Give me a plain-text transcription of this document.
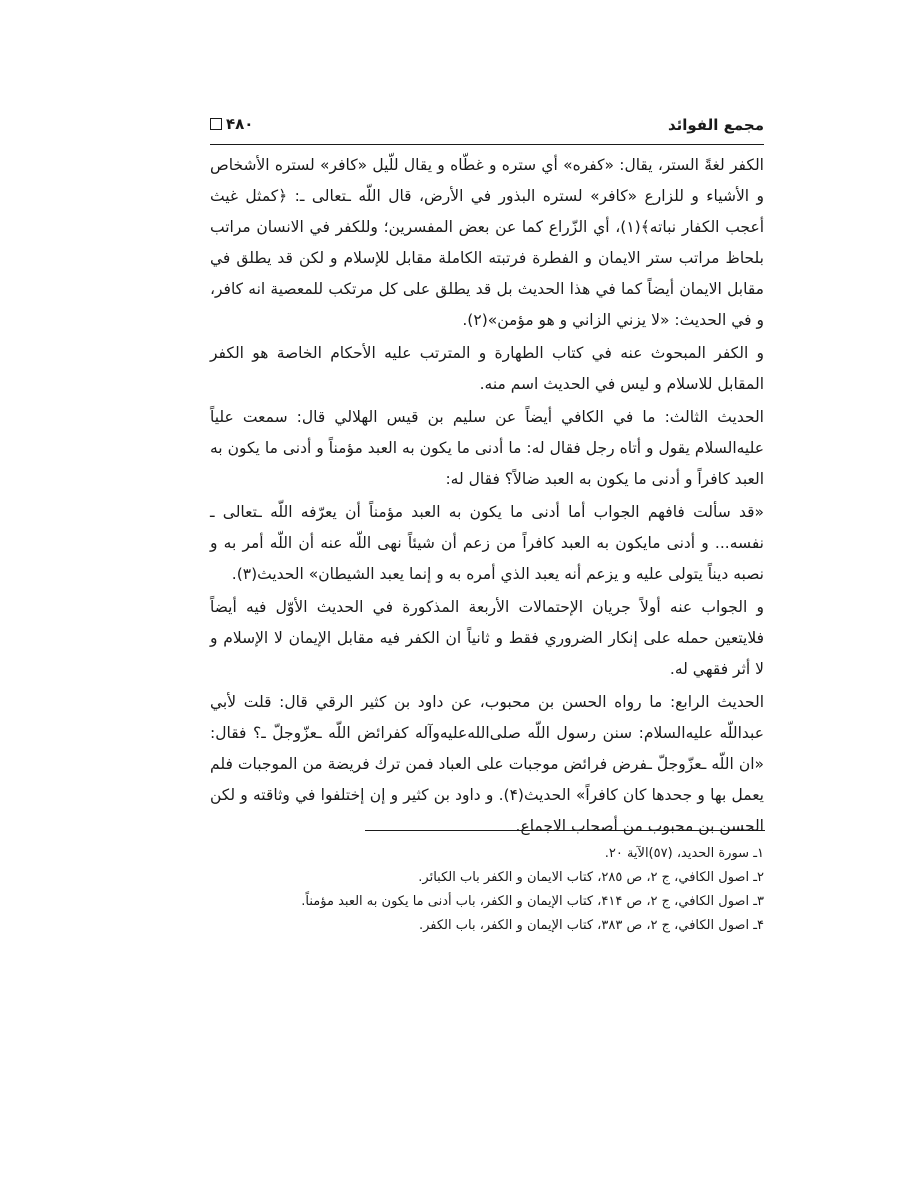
مجمع الفوائد
۴۸۰

الكفر لغةً الستر، يقال: «كفره» أي ستره و غطّاه و يقال للّيل «كافر» لستره الأشخاص و الأشياء و للزارع «كافر» لستره البذور في الأرض، قال اللّه ـتعالى ـ: ﴿كمثل غيث أعجب الكفار نباته﴾(١)، أي الزّراع كما عن بعض المفسرين؛ وللكفر في الانسان مراتب بلحاظ مراتب ستر الايمان و الفطرة فرتبته الكاملة مقابل للإسلام و لكن قد يطلق في مقابل الايمان أيضاً كما في هذا الحديث بل قد يطلق على كل مرتكب للمعصية انه كافر، و في الحديث: «لا يزني الزاني و هو مؤمن»(٢).

و الكفر المبحوث عنه في كتاب الطهارة و المترتب عليه الأحكام الخاصة هو الكفر المقابل للاسلام و ليس في الحديث اسم منه.

الحديث الثالث: ما في الكافي أيضاً عن سليم بن قيس الهلالي قال: سمعت علياً عليه‌السلام يقول و أتاه رجل فقال له: ما أدنى ما يكون به العبد مؤمناً و أدنى ما يكون به العبد كافراً و أدنى ما يكون به العبد ضالاً؟ فقال له:

«قد سألت فافهم الجواب أما أدنى ما يكون به العبد مؤمناً أن يعرّفه اللّه ـتعالى ـ نفسه... و أدنى مايكون به العبد كافراً من زعم أن شيئاً نهى اللّه عنه أن اللّه أمر به و نصبه ديناً يتولى عليه و يزعم أنه يعبد الذي أمره به و إنما يعبد الشيطان» الحديث(٣).

و الجواب عنه أولاً جريان الإحتمالات الأربعة المذكورة في الحديث الأوّل فيه أيضاً فلايتعين حمله على إنكار الضروري فقط و ثانياً ان الكفر فيه مقابل الإيمان لا الإسلام و لا أثر فقهي له.

الحديث الرابع: ما رواه الحسن بن محبوب، عن داود بن كثير الرقي قال: قلت لأبي عبداللّه عليه‌السلام: سنن رسول اللّه صلى‌الله‌عليه‌وآله كفرائض اللّه ـعزّوجلّ ـ؟ فقال: «ان اللّه ـعزّوجلّ ـفرض فرائض موجبات على العباد فمن ترك فريضة من الموجبات فلم يعمل بها و جحدها كان كافراً» الحديث(۴). و داود بن كثير و إن إختلفوا في وثاقته و لكن الحسن بن محبوب من أصحاب الاجماع.

١ـ سورة الحديد، (٥٧)الآية ٢٠.
٢ـ اصول الكافي، ج ٢، ص ٢٨٥، كتاب الايمان و الكفر باب الكبائر.
٣ـ اصول الكافي، ج ٢، ص ۴١۴، كتاب الإيمان و الكفر، باب أدنى ما يكون به العبد مؤمناً.
۴ـ اصول الكافي، ج ٢، ص ٣٨٣، كتاب الإيمان و الكفر، باب الكفر.
